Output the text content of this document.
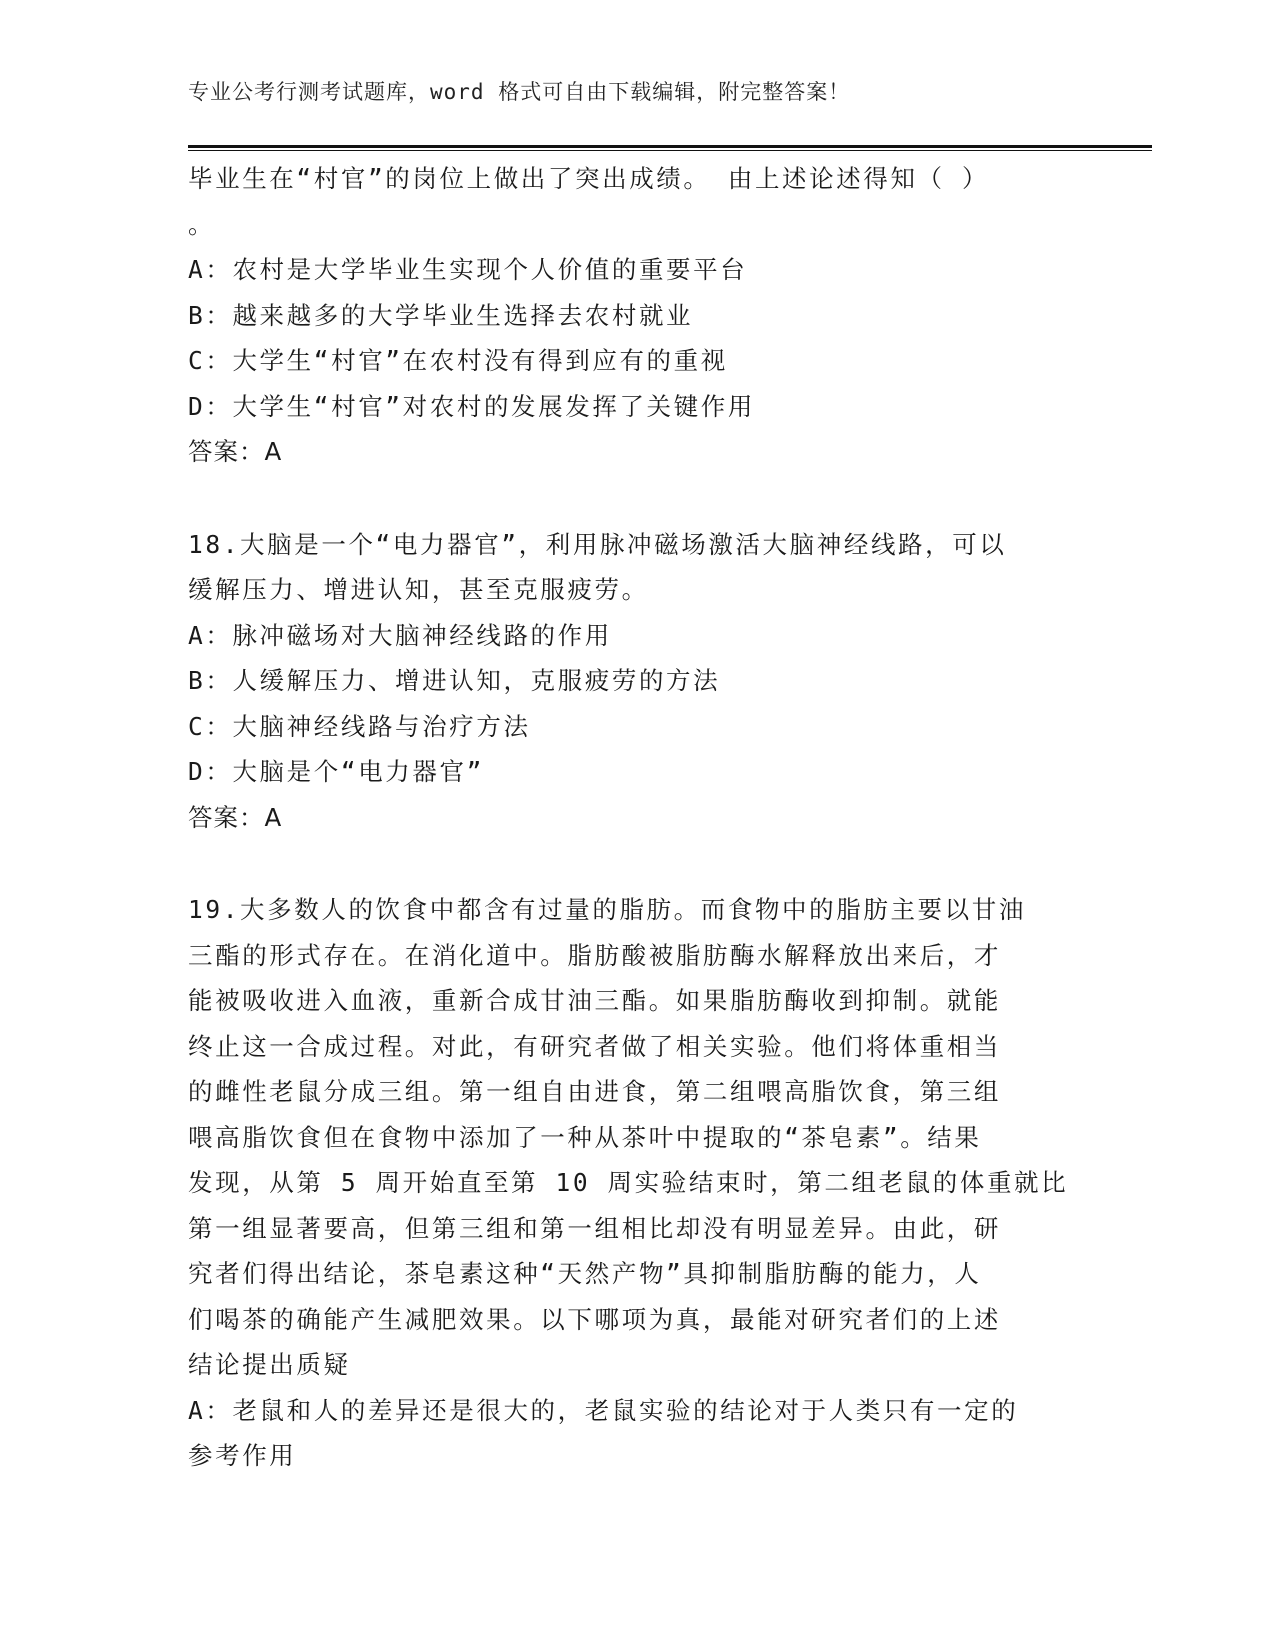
专业公考行测考试题库，word 格式可自由下载编辑，附完整答案！

毕业生在“村官”的岗位上做出了突出成绩。 由上述论述得知（ ）

。

A：农村是大学毕业生实现个人价值的重要平台

B：越来越多的大学毕业生选择去农村就业

C：大学生“村官”在农村没有得到应有的重视

D：大学生“村官”对农村的发展发挥了关键作用

答案：A

18.大脑是一个“电力器官”，利用脉冲磁场激活大脑神经线路，可以

缓解压力、增进认知，甚至克服疲劳。

A：脉冲磁场对大脑神经线路的作用

B：人缓解压力、增进认知，克服疲劳的方法

C：大脑神经线路与治疗方法

D：大脑是个“电力器官”

答案：A

19.大多数人的饮食中都含有过量的脂肪。而食物中的脂肪主要以甘油

三酯的形式存在。在消化道中。脂肪酸被脂肪酶水解释放出来后，才

能被吸收进入血液，重新合成甘油三酯。如果脂肪酶收到抑制。就能

终止这一合成过程。对此，有研究者做了相关实验。他们将体重相当

的雌性老鼠分成三组。第一组自由进食，第二组喂高脂饮食，第三组

喂高脂饮食但在食物中添加了一种从茶叶中提取的“茶皂素”。结果

发现，从第 5 周开始直至第 10 周实验结束时，第二组老鼠的体重就比

第一组显著要高，但第三组和第一组相比却没有明显差异。由此，研

究者们得出结论，茶皂素这种“天然产物”具抑制脂肪酶的能力，人

们喝茶的确能产生减肥效果。以下哪项为真，最能对研究者们的上述

结论提出质疑

A：老鼠和人的差异还是很大的，老鼠实验的结论对于人类只有一定的

参考作用
